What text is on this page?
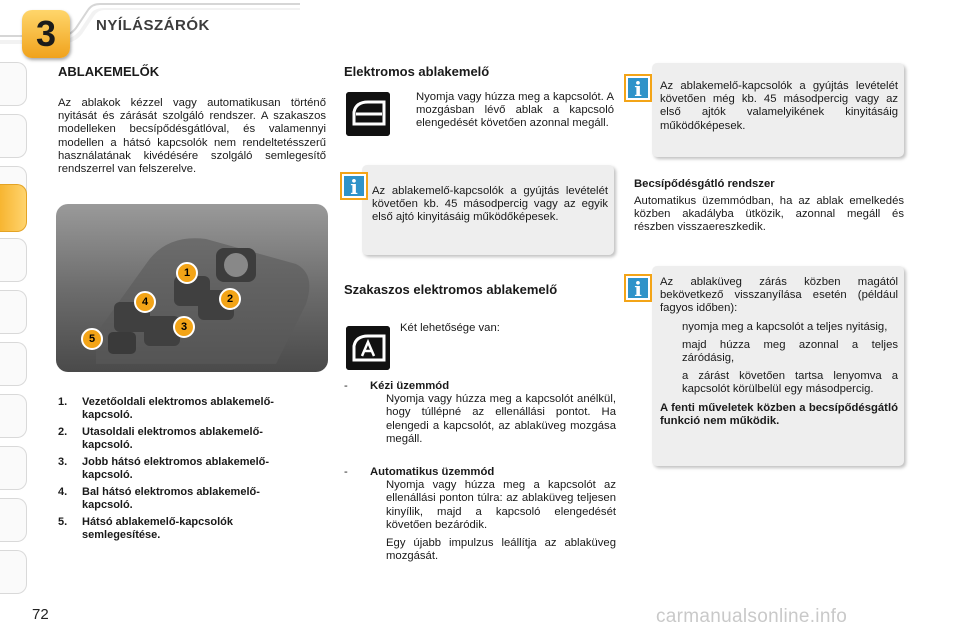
3	NYÍLÁSZÁRÓK
ABLAKEMELŐK
Az ablakok kézzel vagy automatikusan történő nyitását és zárását szolgáló rendszer. A szakaszos modelleken becsípődésgátlóval, és valamennyi modellen a hátsó kapcsolók nem rendeltetésszerű használatának kivédésére szolgáló semlegesítő rendszerrel van felszerelve.
1
2
3
4
5
1. Vezetőoldali elektromos ablakemelő-kapcsoló.
2. Utasoldali elektromos ablakemelő-kapcsoló.
3. Jobb hátsó elektromos ablakemelő-kapcsoló.
4. Bal hátsó elektromos ablakemelő-kapcsoló.
5. Hátsó ablakemelő-kapcsolók semlegesítése.
Elektromos ablakemelő
Nyomja vagy húzza meg a kapcsolót. A mozgásban lévő ablak a kapcsoló elengedését követően azonnal megáll.
i	Az ablakemelő-kapcsolók a gyújtás levételét követően kb. 45 másodpercig vagy az egyik első ajtó kinyitásáig működőképesek.
Szakaszos elektromos ablakemelő
Két lehetősége van:
- Kézi üzemmód
Nyomja vagy húzza meg a kapcsolót anélkül, hogy túllépné az ellenállási pontot. Ha elengedi a kapcsolót, az ablaküveg mozgása megáll.
- Automatikus üzemmód
Nyomja vagy húzza meg a kapcsolót az ellenállási ponton túlra: az ablaküveg teljesen kinyílik, majd a kapcsoló elengedését követően bezáródik.
Egy újabb impulzus leállítja az ablaküveg mozgását.
i	Az ablakemelő-kapcsolók a gyújtás levételét követően még kb. 45 másodpercig vagy az első ajtók valamelyikének kinyitásáig működőképesek.
Becsípődésgátló rendszer
Automatikus üzemmódban, ha az ablak emelkedés közben akadályba ütközik, azonnal megáll és részben visszaereszkedik.
i	Az ablaküveg zárás közben magától bekövetkező visszanyílása esetén (például fagyos időben):
nyomja meg a kapcsolót a teljes nyitásig,
majd húzza meg azonnal a teljes záródásig,
a zárást követően tartsa lenyomva a kapcsolót körülbelül egy másodpercig.
A fenti műveletek közben a becsípődésgátló funkció nem működik.
72	carmanualsonline.info
